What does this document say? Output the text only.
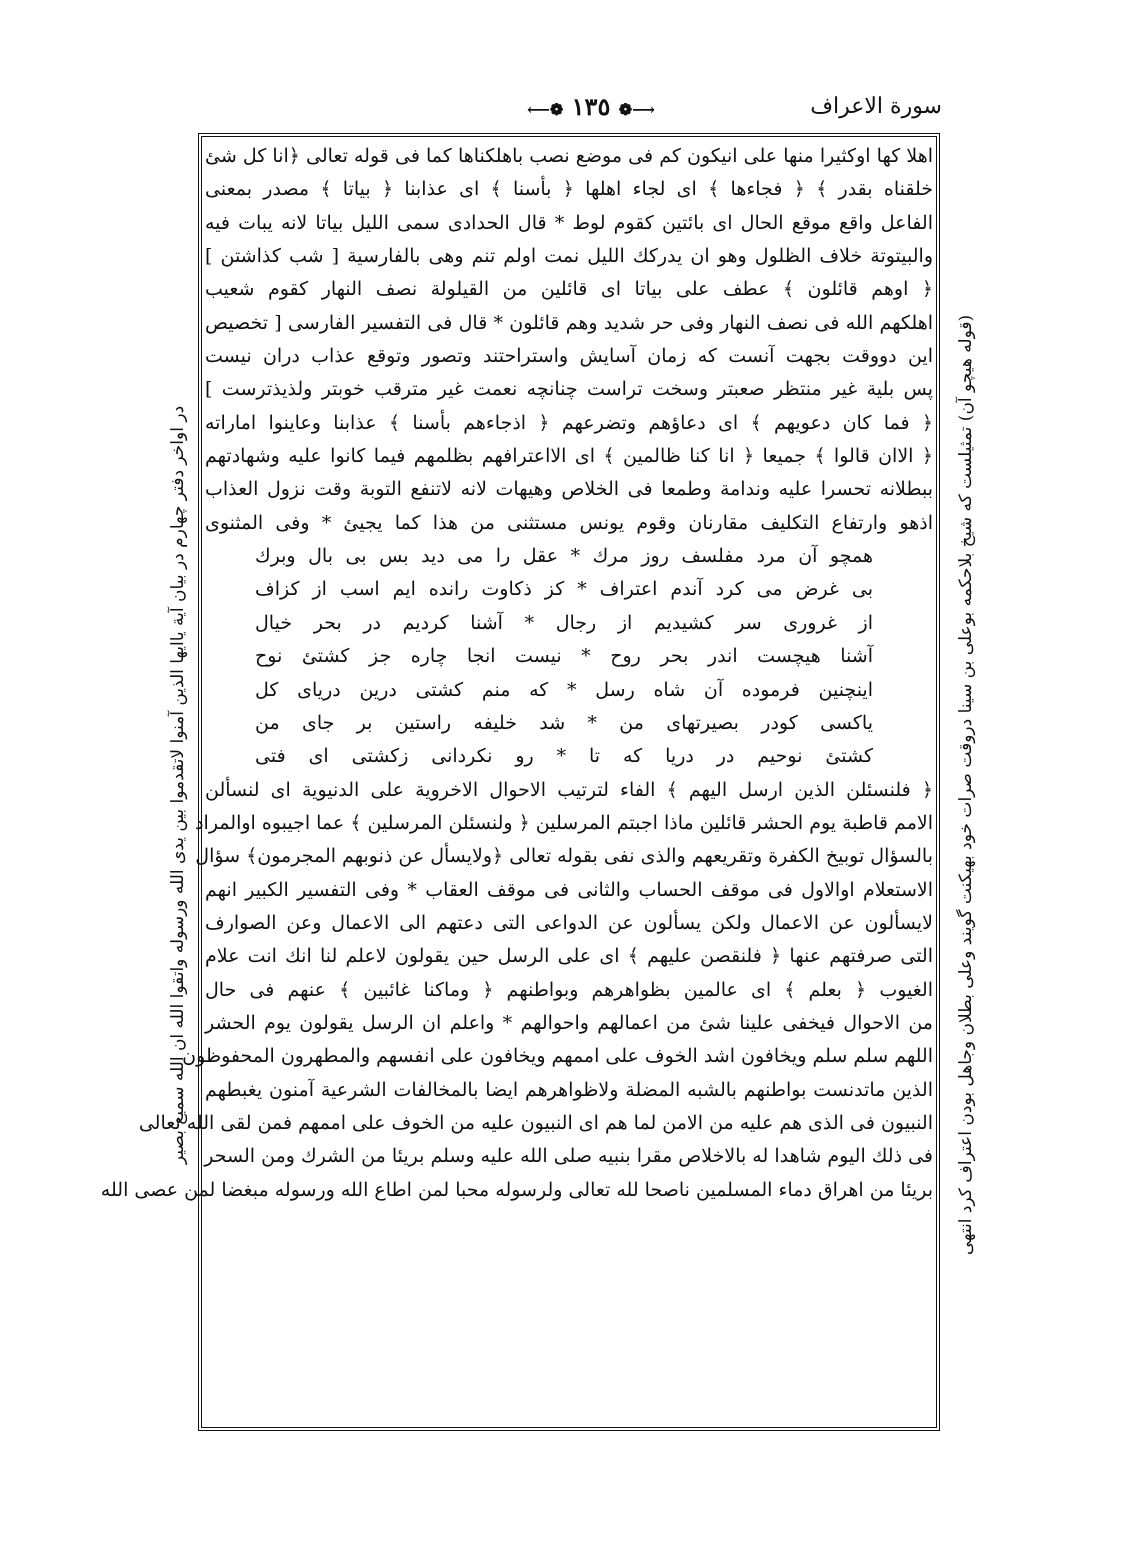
سورة الاعراف
⟵❁ ١٣٥ ❁⟶
(قوله هيچو آن) تمثيلست كه شيخ بلاحكمه بوعلى بن سينا دروقت صرات خود بهيكنت گويند وعلى بطلان وجاهل بودن اعتراف كرد انتهى
در اواخر دفتر چهارم در بيان آية ياايها الذين آمنوا لاتقدموا بين يدى الله ورسوله واتقوا الله ان الله سميع بصير
اهلا كها اوكثيرا منها على انيكون كم فى موضع نصب باهلكناها كما فى قوله تعالى ﴿انا كل شئ
خلقناه بقدر ﴾ ﴿ فجاءها ﴾ اى لجاء اهلها ﴿ بأسنا ﴾ اى عذابنا ﴿ بياتا ﴾ مصدر بمعنى
الفاعل واقع موقع الحال اى بائتين كقوم لوط * قال الحدادى سمى الليل بياتا لانه يبات فيه
والبيتوتة خلاف الظلول وهو ان يدركك الليل نمت اولم تنم وهى بالفارسية [ شب كذاشتن ]
﴿ اوهم قائلون ﴾ عطف على بياتا اى قائلين من القيلولة نصف النهار كقوم شعيب
اهلكهم الله فى نصف النهار وفى حر شديد وهم قائلون * قال فى التفسير الفارسى [ تخصيص
اين دووقت بجهت آنست كه زمان آسايش واستراحتند وتصور وتوقع عذاب دران نيست
پس بلية غير منتظر صعبتر وسخت تراست چنانچه نعمت غير مترقب خوبتر ولذيذترست ]
﴿ فما كان دعويهم ﴾ اى دعاؤهم وتضرعهم ﴿ اذجاءهم بأسنا ﴾ عذابنا وعاينوا اماراته
﴿ الاان قالوا ﴾ جميعا ﴿ انا كنا ظالمين ﴾ اى الااعترافهم بظلمهم فيما كانوا عليه وشهادتهم
ببطلانه تحسرا عليه وندامة وطمعا فى الخلاص وهيهات لانه لاتنفع التوبة وقت نزول العذاب
اذهو وارتفاع التكليف مقارنان وقوم يونس مستثنى من هذا كما يجيئ * وفى المثنوى
همچو آن مرد مفلسف روز مرك * عقل را مى ديد بس بى بال وبرك
بى غرض مى كرد آندم اعتراف * كز ذكاوت رانده ايم اسب از كزاف
از غرورى سر كشيديم از رجال * آشنا كرديم در بحر خيال
آشنا هيچست اندر بحر روح * نيست انجا چاره جز كشتئ نوح
اينچنين فرموده آن شاه رسل * كه منم كشتى درين درياى كل
ياكسى كودر بصيرتهاى من * شد خليفه راستين بر جاى من
كشتئ نوحيم در دريا كه تا * رو نكردانى زكشتى اى فتى
﴿ فلنسئلن الذين ارسل اليهم ﴾ الفاء لترتيب الاحوال الاخروية على الدنيوية اى لنسألن
الامم قاطبة يوم الحشر قائلين ماذا اجبتم المرسلين ﴿ ولنسئلن المرسلين ﴾ عما اجيبوه اوالمراد
بالسؤال توبيخ الكفرة وتقريعهم والذى نفى بقوله تعالى ﴿ولايسأل عن ذنوبهم المجرمون﴾ سؤال
الاستعلام اوالاول فى موقف الحساب والثانى فى موقف العقاب * وفى التفسير الكبير انهم
لايسألون عن الاعمال ولكن يسألون عن الدواعى التى دعتهم الى الاعمال وعن الصوارف
التى صرفتهم عنها ﴿ فلنقصن عليهم ﴾ اى على الرسل حين يقولون لاعلم لنا انك انت علام
الغيوب ﴿ بعلم ﴾ اى عالمين بظواهرهم وبواطنهم ﴿ وماكنا غائبين ﴾ عنهم فى حال
من الاحوال فيخفى علينا شئ من اعمالهم واحوالهم * واعلم ان الرسل يقولون يوم الحشر
اللهم سلم سلم ويخافون اشد الخوف على اممهم ويخافون على انفسهم والمطهرون المحفوظون
الذين ماتدنست بواطنهم بالشبه المضلة ولاظواهرهم ايضا بالمخالفات الشرعية آمنون يغبطهم
النبيون فى الذى هم عليه من الامن لما هم اى النبيون عليه من الخوف على اممهم فمن لقى الله تعالى
فى ذلك اليوم شاهدا له بالاخلاص مقرا بنبيه صلى الله عليه وسلم بريئا من الشرك ومن السحر
بريئا من اهراق دماء المسلمين ناصحا لله تعالى ولرسوله محبا لمن اطاع الله ورسوله مبغضا لمن عصى الله
